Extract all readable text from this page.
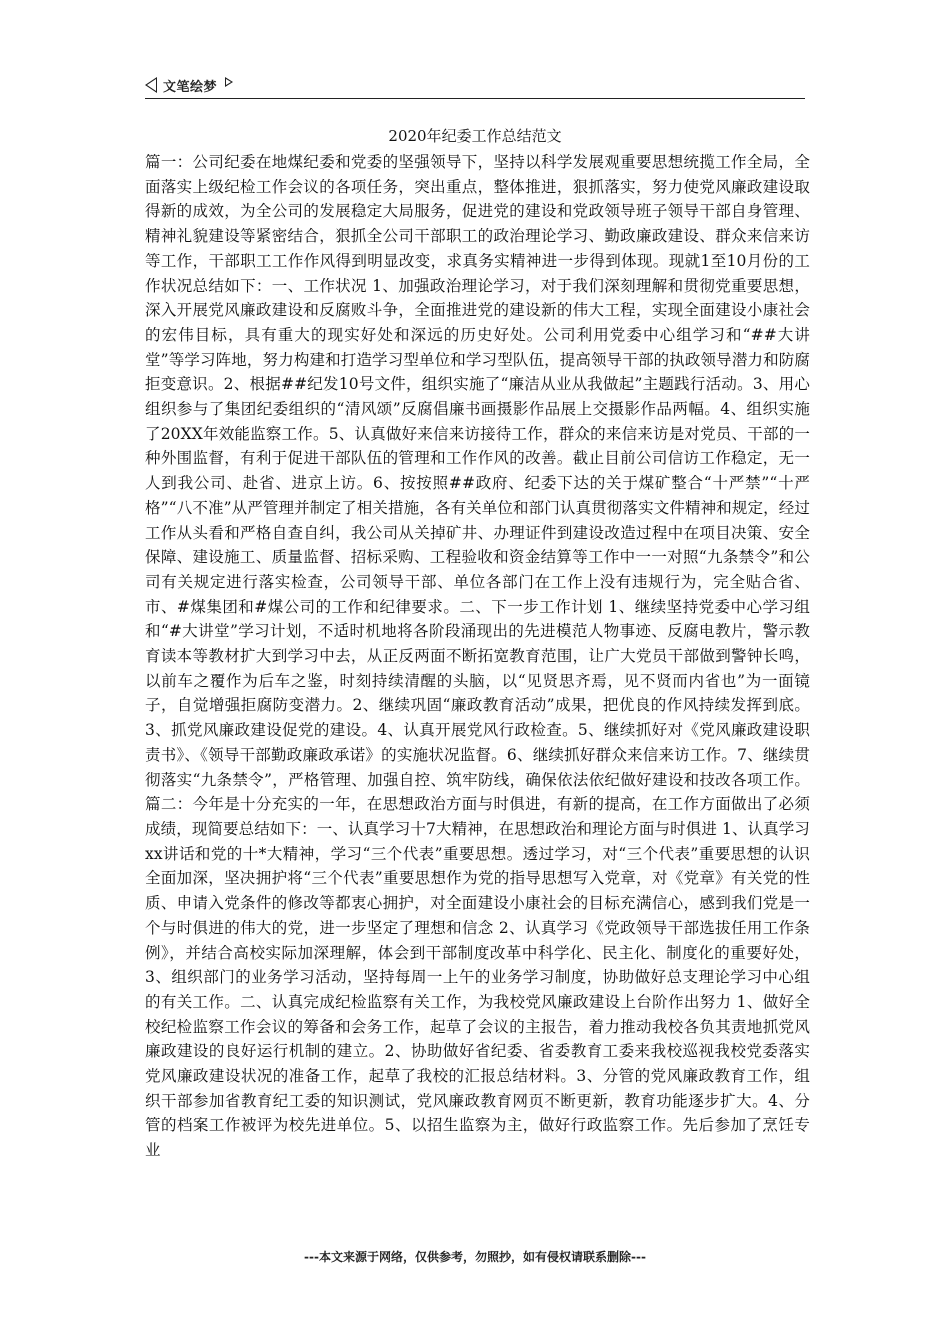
文笔绘梦
2020年纪委工作总结范文
篇一：公司纪委在地煤纪委和党委的坚强领导下，坚持以科学发展观重要思想统揽工作全局，全面落实上级纪检工作会议的各项任务，突出重点，整体推进，狠抓落实，努力使党风廉政建设取得新的成效，为全公司的发展稳定大局服务，促进党的建设和党政领导班子领导干部自身管理、精神礼貌建设等紧密结合，狠抓全公司干部职工的政治理论学习、勤政廉政建设、群众来信来访等工作，干部职工工作作风得到明显改变，求真务实精神进一步得到体现。现就1至10月份的工作状况总结如下：一、工作状况 1、加强政治理论学习，对于我们深刻理解和贯彻党重要思想，深入开展党风廉政建设和反腐败斗争，全面推进党的建设新的伟大工程，实现全面建设小康社会的宏伟目标，具有重大的现实好处和深远的历史好处。公司利用党委中心组学习和“##大讲堂”等学习阵地，努力构建和打造学习型单位和学习型队伍，提高领导干部的执政领导潜力和防腐拒变意识。2、根据##纪发10号文件，组织实施了“廉洁从业从我做起”主题践行活动。3、用心组织参与了集团纪委组织的“清风颂”反腐倡廉书画摄影作品展上交摄影作品两幅。4、组织实施了20XX年效能监察工作。5、认真做好来信来访接待工作，群众的来信来访是对党员、干部的一种外围监督，有利于促进干部队伍的管理和工作作风的改善。截止目前公司信访工作稳定，无一人到我公司、赴省、进京上访。6、按按照##政府、纪委下达的关于煤矿整合“十严禁”“十严格”“八不准”从严管理并制定了相关措施，各有关单位和部门认真贯彻落实文件精神和规定，经过工作从头看和严格自查自纠，我公司从关掉矿井、办理证件到建设改造过程中在项目决策、安全保障、建设施工、质量监督、招标采购、工程验收和资金结算等工作中一一对照“九条禁令”和公司有关规定进行落实检查，公司领导干部、单位各部门在工作上没有违规行为，完全贴合省、市、#煤集团和#煤公司的工作和纪律要求。二、下一步工作计划 1、继续坚持党委中心学习组和“#大讲堂”学习计划，不适时机地将各阶段涌现出的先进模范人物事迹、反腐电教片，警示教育读本等教材扩大到学习中去，从正反两面不断拓宽教育范围，让广大党员干部做到警钟长鸣，以前车之覆作为后车之鉴，时刻持续清醒的头脑，以“见贤思齐焉，见不贤而内省也”为一面镜子，自觉增强拒腐防变潜力。2、继续巩固“廉政教育活动”成果，把优良的作风持续发挥到底。3、抓党风廉政建设促党的建设。4、认真开展党风行政检查。5、继续抓好对《党风廉政建设职责书》、《领导干部勤政廉政承诺》的实施状况监督。6、继续抓好群众来信来访工作。7、继续贯彻落实“九条禁令”，严格管理、加强自控、筑牢防线，确保依法依纪做好建设和技改各项工作。篇二：今年是十分充实的一年，在思想政治方面与时俱进，有新的提高，在工作方面做出了必须成绩，现简要总结如下：一、认真学习十7大精神，在思想政治和理论方面与时俱进 1、认真学习xx讲话和党的十*大精神，学习“三个代表”重要思想。透过学习，对“三个代表”重要思想的认识全面加深，坚决拥护将“三个代表”重要思想作为党的指导思想写入党章，对《党章》有关党的性质、申请入党条件的修改等都衷心拥护，对全面建设小康社会的目标充满信心，感到我们党是一个与时俱进的伟大的党，进一步坚定了理想和信念 2、认真学习《党政领导干部选拔任用工作条例》，并结合高校实际加深理解，体会到干部制度改革中科学化、民主化、制度化的重要好处，3、组织部门的业务学习活动，坚持每周一上午的业务学习制度，协助做好总支理论学习中心组的有关工作。二、认真完成纪检监察有关工作，为我校党风廉政建设上台阶作出努力 1、做好全校纪检监察工作会议的筹备和会务工作，起草了会议的主报告，着力推动我校各负其责地抓党风廉政建设的良好运行机制的建立。2、协助做好省纪委、省委教育工委来我校巡视我校党委落实党风廉政建设状况的准备工作，起草了我校的汇报总结材料。3、分管的党风廉政教育工作，组织干部参加省教育纪工委的知识测试，党风廉政教育网页不断更新，教育功能逐步扩大。4、分管的档案工作被评为校先进单位。5、以招生监察为主，做好行政监察工作。先后参加了烹饪专业
---本文来源于网络，仅供参考，勿照抄，如有侵权请联系删除---
